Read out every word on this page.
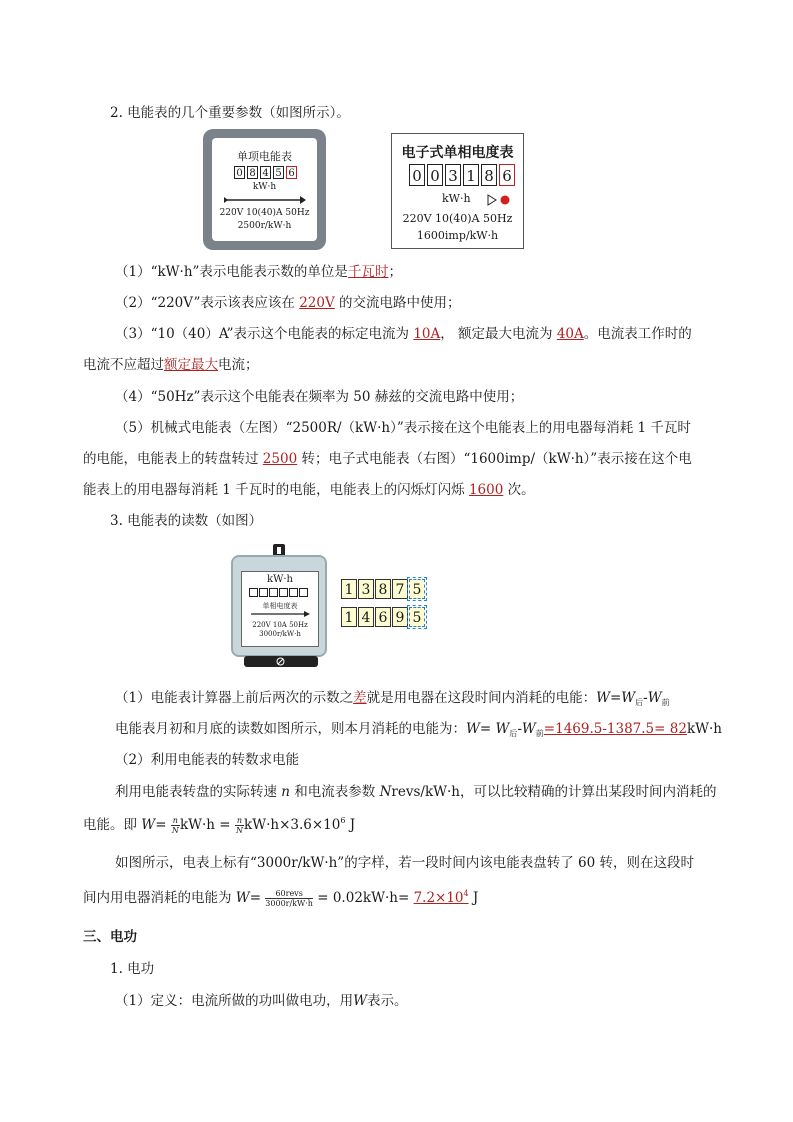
2. 电能表的几个重要参数（如图所示）。
单项电能表
0 8 4 5 6
kW·h
220V 10(40)A 50Hz
2500r/kW·h
电子式单相电度表
0 0 3 1 8 6
kW·h
220V 10(40)A 50Hz
1600imp/kW·h
（1）“kW·h”表示电能表示数的单位是千瓦时；
（2）“220V”表示该表应该在 220V 的交流电路中使用；
（3）“10（40）A”表示这个电能表的标定电流为 10A， 额定最大电流为 40A。电流表工作时的
电流不应超过额定最大电流；
（4）“50Hz”表示这个电能表在频率为 50 赫兹的交流电路中使用；
（5）机械式电能表（左图）“2500R/（kW·h）”表示接在这个电能表上的用电器每消耗 1 千瓦时
的电能，电能表上的转盘转过 2500 转；电子式电能表（右图）“1600imp/（kW·h）”表示接在这个电
能表上的用电器每消耗 1 千瓦时的电能，电能表上的闪烁灯闪烁 1600 次。
3. 电能表的读数（如图）
kW·h
单相电度表
220V 10A 50Hz
3000r/kW·h
1 3 8 7 5
1 4 6 9 5
（1）电能表计算器上前后两次的示数之差就是用电器在这段时间内消耗的电能：$W=W_后-W_前$
电能表月初和月底的读数如图所示，则本月消耗的电能为：$W= W_后-W_前=1469.5-1387.5= 82kW\cdot h$
（2）利用电能表的转数求电能
利用电能表转盘的实际转速 n 和电流表参数 Nrevs/kW·h，可以比较精确的计算出某段时间内消耗的
电能。即 $W= \frac{n}{N} kW\cdot h = \frac{n}{N} kW\cdot h\times 3.6\times 10^6$ J
如图所示，电表上标有“3000r/kW·h”的字样，若一段时间内该电能表盘转了 60 转，则在这段时
间内用电器消耗的电能为 $W= \frac{\text{60revs}}{3000r/kW\cdot h} = 0.02kW\cdot h= 7.2\times 10^4$ J
三、电功
1. 电功
（1）定义：电流所做的功叫做电功，用W表示。
